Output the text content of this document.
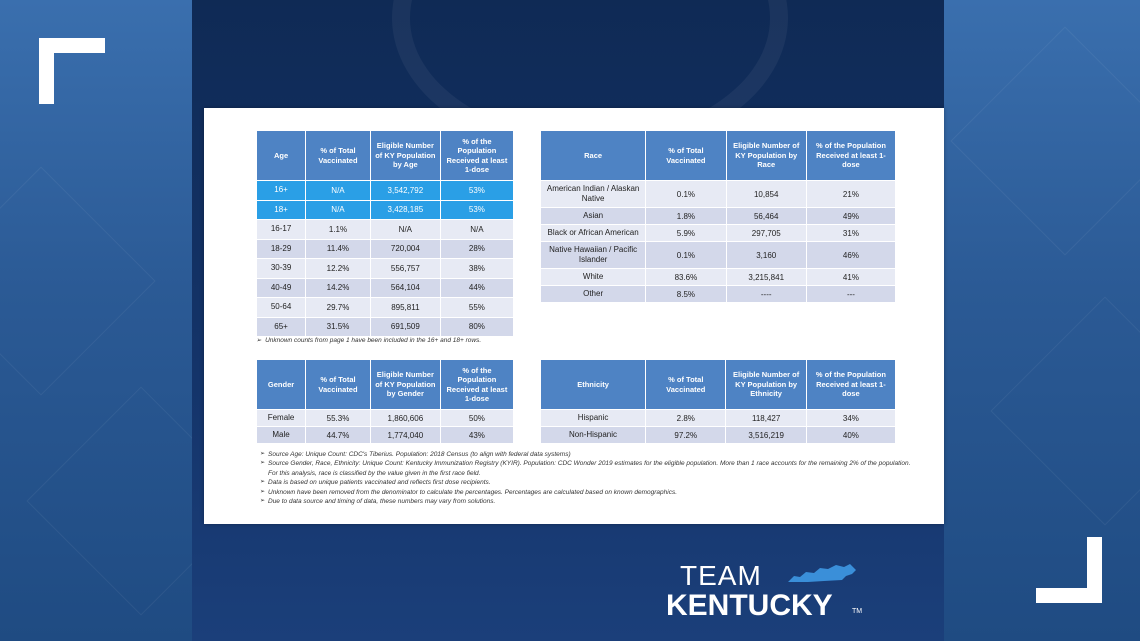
Age	% of Total Vaccinated	Eligible Number of KY Population by Age	% of the Population Received at least 1-dose
16+	N/A	3,542,792	53%
18+	N/A	3,428,185	53%
16-17	1.1%	N/A	N/A
18-29	11.4%	720,004	28%
30-39	12.2%	556,757	38%
40-49	14.2%	564,104	44%
50-64	29.7%	895,811	55%
65+	31.5%	691,509	80%
➢  Unknown counts from page 1 have been included in the 16+ and 18+ rows.
Race	% of Total Vaccinated	Eligible Number of KY Population by Race	% of the Population Received at least 1-dose
American Indian / Alaskan Native	0.1%	10,854	21%
Asian	1.8%	56,464	49%
Black or African American	5.9%	297,705	31%
Native Hawaiian / Pacific Islander	0.1%	3,160	46%
White	83.6%	3,215,841	41%
Other	8.5%	----	---
Gender	% of Total Vaccinated	Eligible Number of KY Population by Gender	% of the Population Received at least 1-dose
Female	55.3%	1,860,606	50%
Male	44.7%	1,774,040	43%
Ethnicity	% of Total Vaccinated	Eligible Number of KY Population by Ethnicity	% of the Population Received at least 1-dose
Hispanic	2.8%	118,427	34%
Non-Hispanic	97.2%	3,516,219	40%
➢ Source Age: Unique Count: CDC's Tiberius. Population: 2018 Census (to align with federal data systems)
➢ Source Gender, Race, Ethnicity: Unique Count: Kentucky Immunization Registry (KYIR). Population: CDC Wonder 2019 estimates for the eligible population. More than 1 race accounts for the remaining 2% of the population. For this analysis, race is classified by the value given in the first race field.
➢ Data is based on unique patients vaccinated and reflects first dose recipients.
➢ Unknown have been removed from the denominator to calculate the percentages. Percentages are calculated based on known demographics.
➢ Due to data source and timing of data, these numbers may vary from solutions.
TEAM
KENTUCKY	TM
